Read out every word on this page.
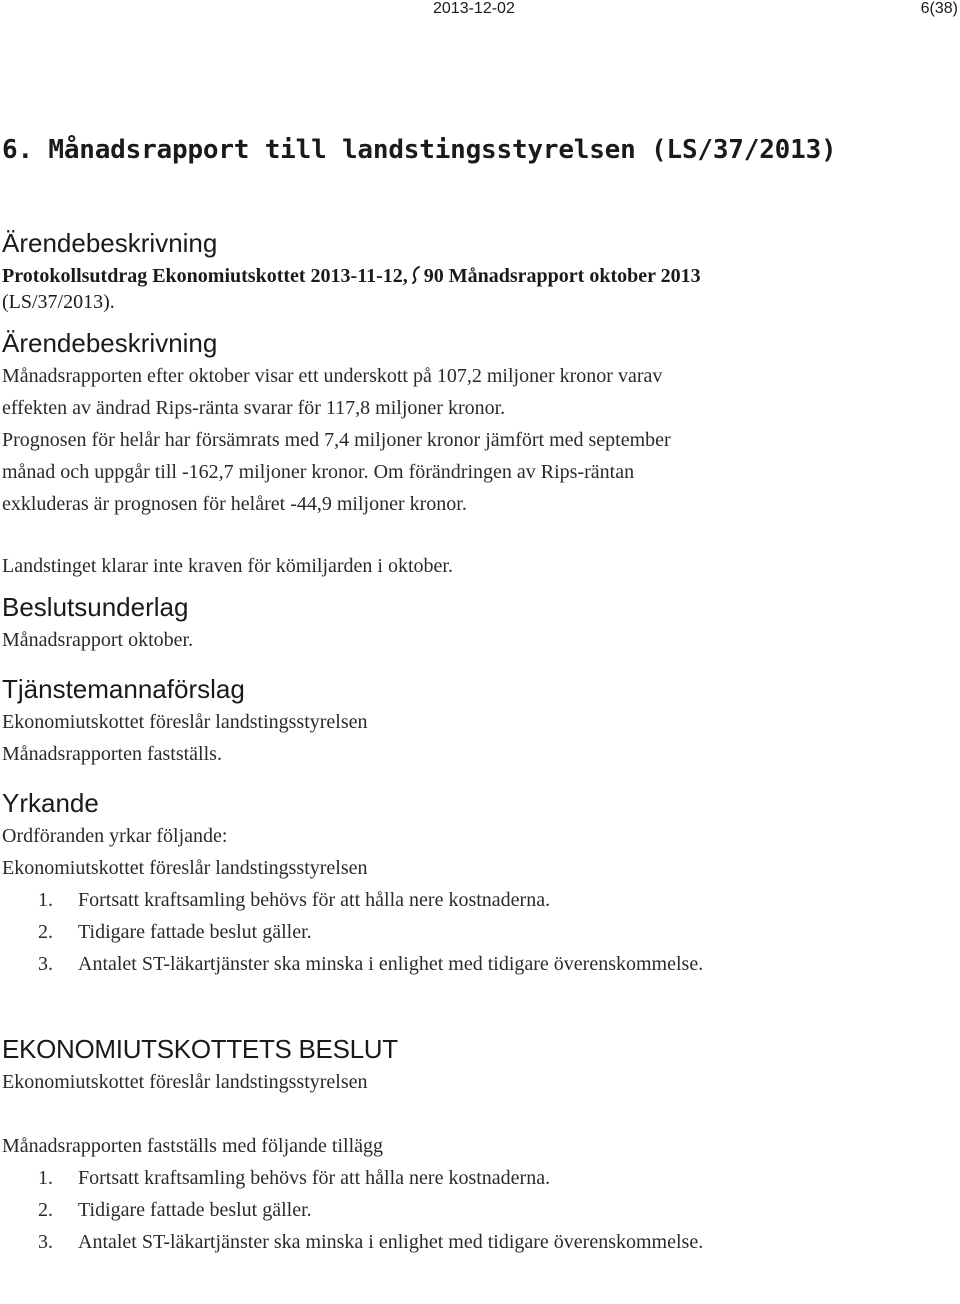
2013-12-02	6(38)
6. Månadsrapport till landstingsstyrelsen (LS/37/2013)
Ärendebeskrivning

Protokollsutdrag Ekonomiutskottet 2013-11-12, 90 Månadsrapport oktober 2013

(LS/37/2013).

Ärendebeskrivning

Månadsrapporten efter oktober visar ett underskott på 107,2 miljoner kronor varav

effekten av ändrad Rips-ränta svarar för 117,8 miljoner kronor.

Prognosen för helår har försämrats med 7,4 miljoner kronor jämfört med september

månad och uppgår till -162,7 miljoner kronor. Om förändringen av Rips-räntan

exkluderas är prognosen för helåret -44,9 miljoner kronor.

Landstinget klarar inte kraven för kömiljarden i oktober.

Beslutsunderlag

Månadsrapport oktober.

Tjänstemannaförslag

Ekonomiutskottet föreslår landstingsstyrelsen

Månadsrapporten fastställs.

Yrkande

Ordföranden yrkar följande:

Ekonomiutskottet föreslår landstingsstyrelsen

1. Fortsatt kraftsamling behövs för att hålla nere kostnaderna.
2. Tidigare fattade beslut gäller.
3. Antalet ST-läkartjänster ska minska i enlighet med tidigare överenskommelse.
EKONOMIUTSKOTTETS BESLUT

Ekonomiutskottet föreslår landstingsstyrelsen

Månadsrapporten fastställs med följande tillägg

1. Fortsatt kraftsamling behövs för att hålla nere kostnaderna.
2. Tidigare fattade beslut gäller.
3. Antalet ST-läkartjänster ska minska i enlighet med tidigare överenskommelse.
